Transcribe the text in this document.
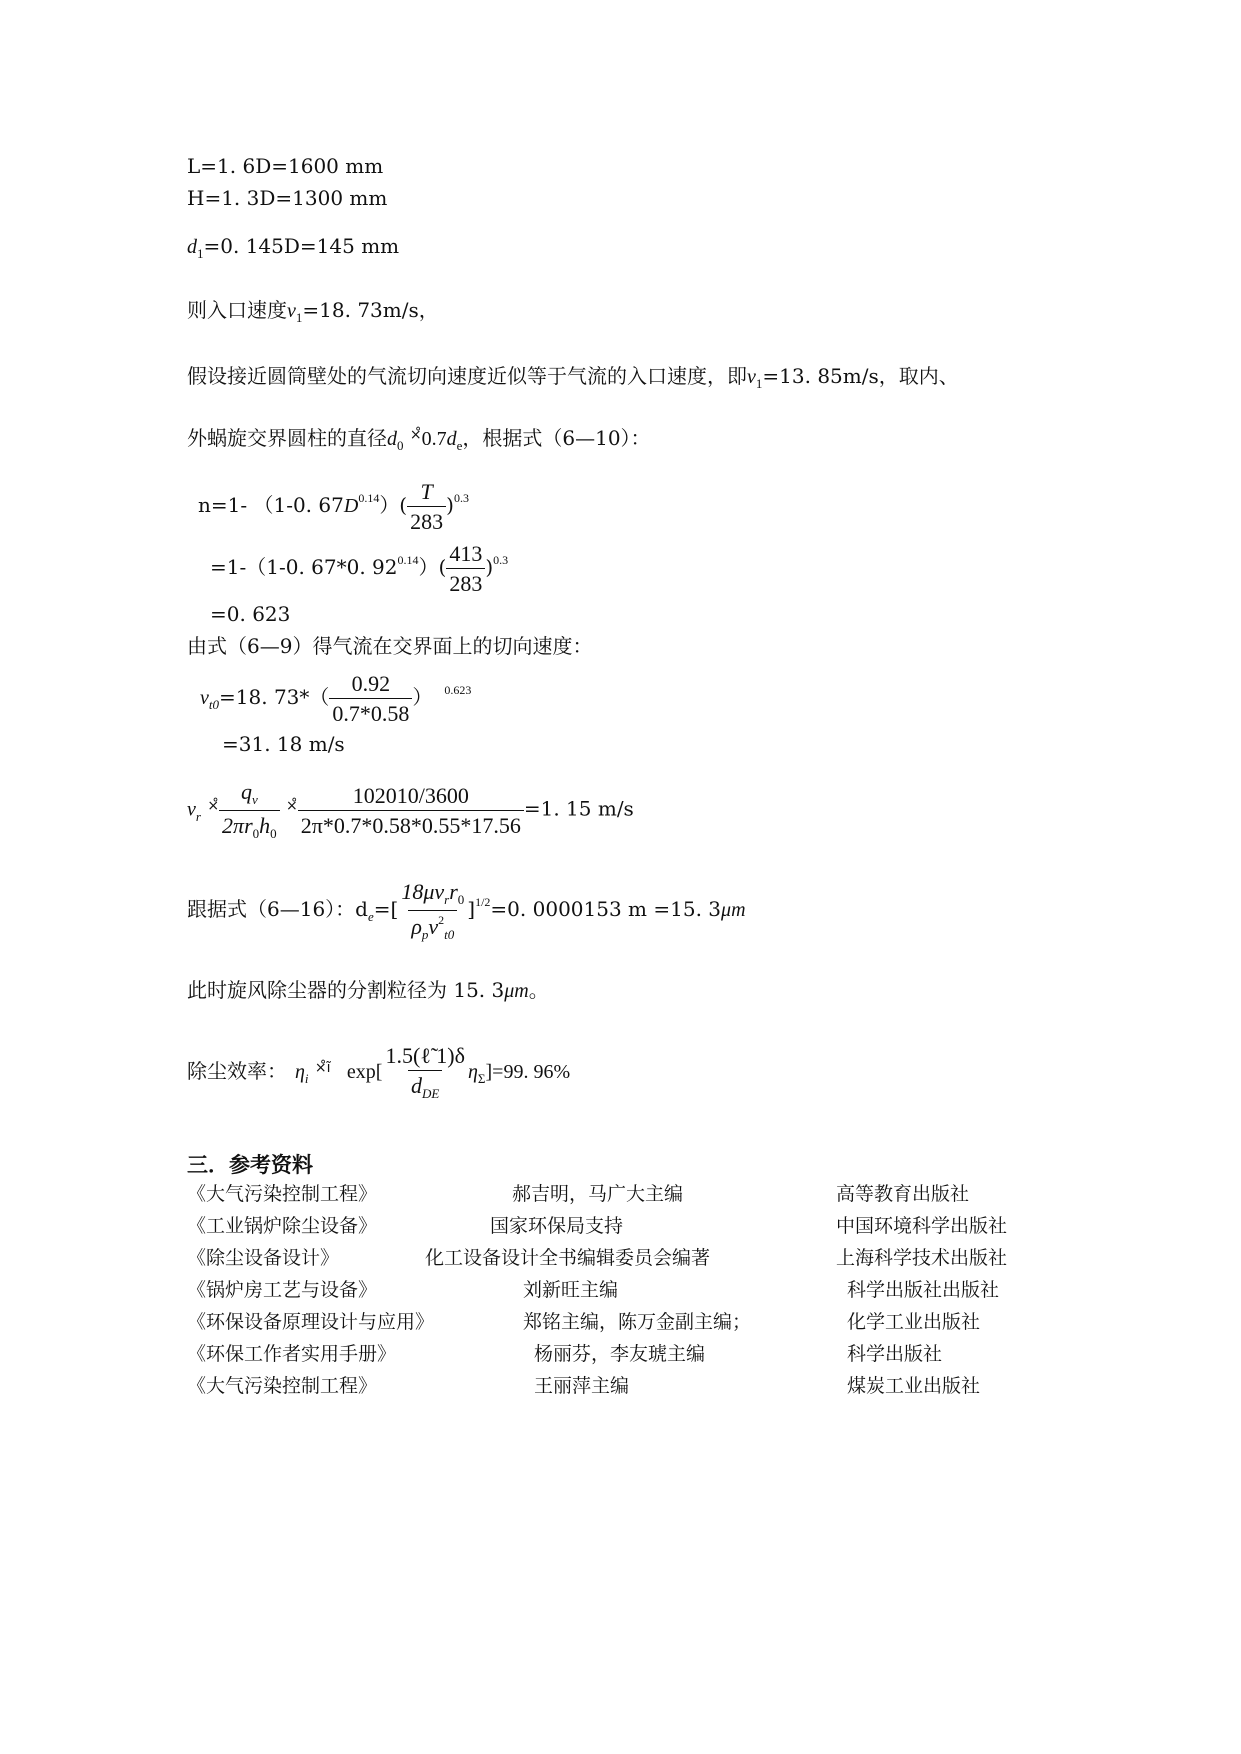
L=1. 6D=1600 mm
H=1. 3D=1300 mm
$d_1=0$. 145D=145 mm
则入口速度$v_1=18$. 73m/s，
假设接近圆筒壁处的气流切向速度近似等于气流的入口速度，即$v_1=13$. 85m/s，取内、
外蜗旋交界圆柱的直径$d_0$ $^{\times̊}0.7d_e$，根据式（6—10）：
n=1- （1-0. $67D^{0.14})( \frac{T}{283} )^{0.3}$
=1-（1-0. 67*0. $92^{0.14})( \frac{413}{283} )^{0.3}$
=0. 623
由式（6—9）得气流在交界面上的切向速度：
$v_{t0}=18$. $73*( \frac{0.92}{0.7*0.58}$ ） $^{0.623}$
=31. 18 m/s
$v_r$ $^{\times̊} \frac{q_v}{2\pi r_0h_0} ^{\times̊} \frac{102010/3600}{2\pi*0.7*0.58*0.55*17.56} =1$. 15 m/s
跟据式（6—16）：$d_e=[ \frac{18\mu v_rr_0}{\rho_pv^2_{t0}} ]^{1/2}=0$. 0000153 m =15. 3μm
此时旋风除尘器的分割粒径为 15. 3μm。
除尘效率： $\eta_i$ $^{\times̊ĩ}$ $\exp[ \frac{\text{1.5(ℓ̃ 1)δ}}{d_{DE}} \eta_\Sigma]=99$. 96%
三．参考资料
《大气污染控制工程》	郝吉明，马广大主编	高等教育出版社
《工业锅炉除尘设备》	国家环保局支持	中国环境科学出版社
《除尘设备设计》	化工设备设计全书编辑委员会编著	上海科学技术出版社
《锅炉房工艺与设备》	刘新旺主编	科学出版社出版社
《环保设备原理设计与应用》	郑铭主编，陈万金副主编；	化学工业出版社
《环保工作者实用手册》	杨丽芬，李友琥主编	科学出版社
《大气污染控制工程》	王丽萍主编	煤炭工业出版社
